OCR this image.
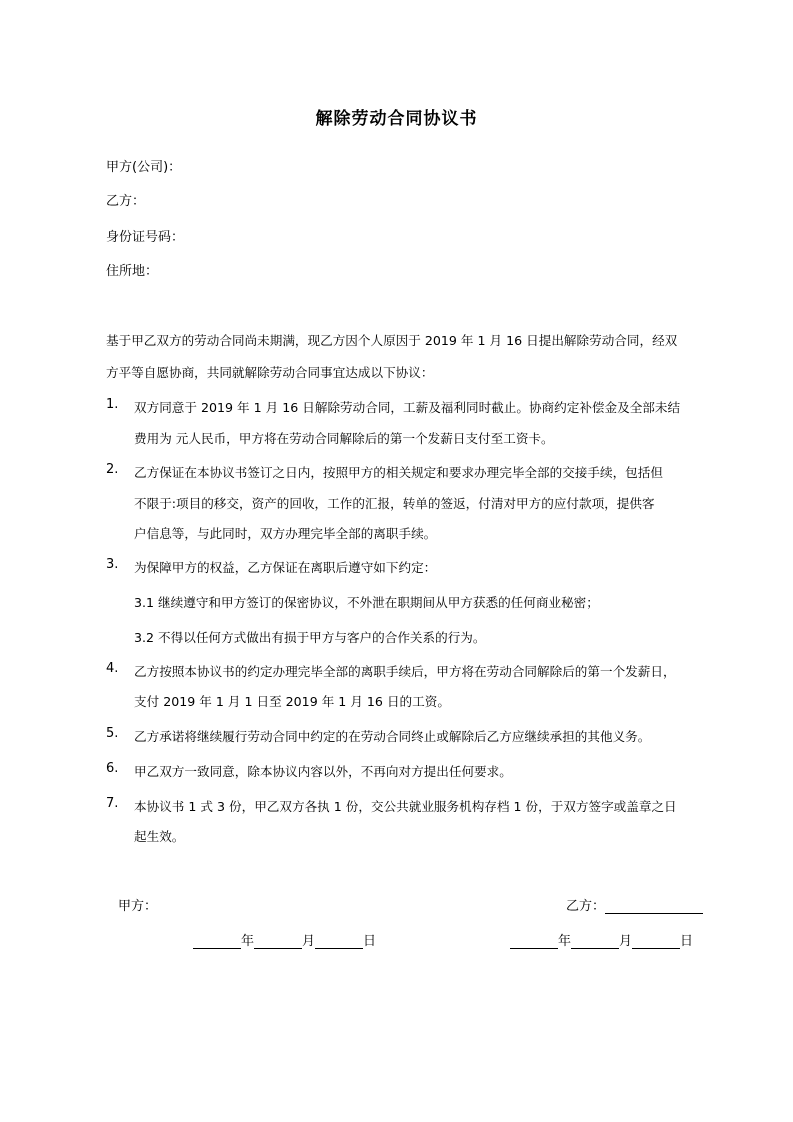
解除劳动合同协议书
甲方(公司)：
乙方：
身份证号码：
住所地：
基于甲乙双方的劳动合同尚未期满，现乙方因个人原因于 2019 年 1 月 16 日提出解除劳动合同，经双
方平等自愿协商，共同就解除劳动合同事宜达成以下协议：
1. 双方同意于 2019 年 1 月 16 日解除劳动合同，工薪及福利同时截止。协商约定补偿金及全部未结
费用为 元人民币，甲方将在劳动合同解除后的第一个发薪日支付至工资卡。
2. 乙方保证在本协议书签订之日内，按照甲方的相关规定和要求办理完毕全部的交接手续，包括但
不限于:项目的移交，资产的回收，工作的汇报，转单的签返，付清对甲方的应付款项，提供客
户信息等，与此同时，双方办理完毕全部的离职手续。
3. 为保障甲方的权益，乙方保证在离职后遵守如下约定：
3.1 继续遵守和甲方签订的保密协议，不外泄在职期间从甲方获悉的任何商业秘密；
3.2 不得以任何方式做出有损于甲方与客户的合作关系的行为。
4. 乙方按照本协议书的约定办理完毕全部的离职手续后，甲方将在劳动合同解除后的第一个发薪日，
支付 2019 年 1 月 1 日至 2019 年 1 月 16 日的工资。
5. 乙方承诺将继续履行劳动合同中约定的在劳动合同终止或解除后乙方应继续承担的其他义务。
6. 甲乙双方一致同意，除本协议内容以外，不再向对方提出任何要求。
7. 本协议书 1 式 3 份，甲乙双方各执 1 份，交公共就业服务机构存档 1 份，于双方签字或盖章之日
起生效。
甲方：	乙方：
年	月	日	年	月	日
